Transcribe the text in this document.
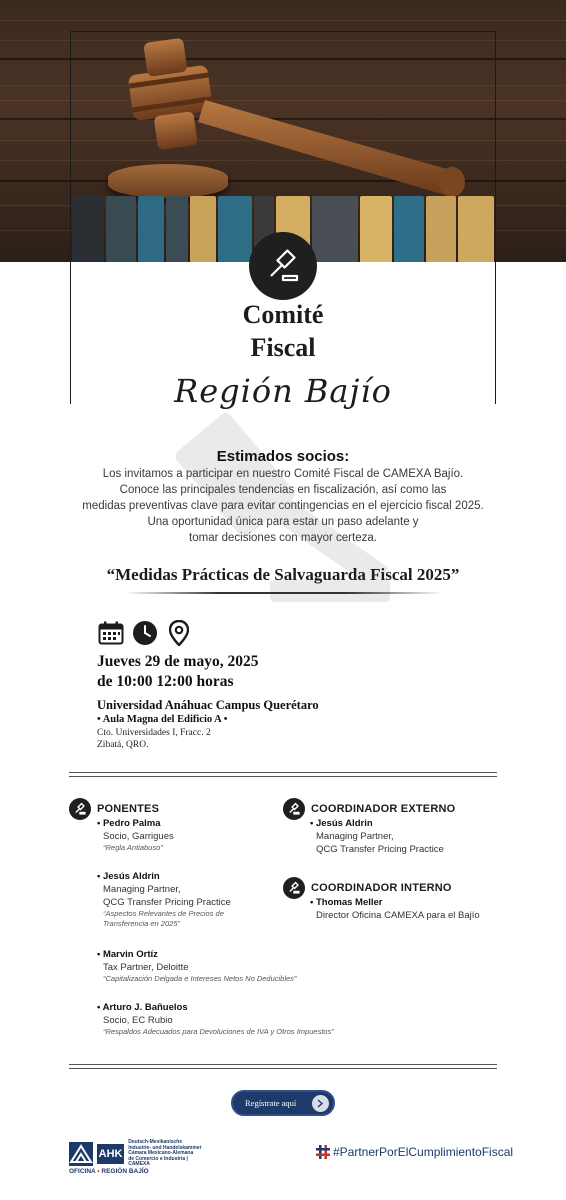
Comité
Fiscal
Región Bajío
Estimados socios:
Los invitamos a participar en nuestro Comité Fiscal de CAMEXA Bajío.
Conoce las principales tendencias en fiscalización, así como las
medidas preventivas clave para evitar contingencias en el ejercicio fiscal 2025.
Una oportunidad única para estar un paso adelante y
tomar decisiones con mayor certeza.
“Medidas Prácticas de Salvaguarda Fiscal 2025”
Jueves 29 de mayo, 2025
de 10:00 12:00 horas
Universidad Anáhuac Campus Querétaro
• Aula Magna del Edificio A •
Cto. Universidades I, Fracc. 2
Zibatá, QRO.
PONENTES
• Pedro Palma
Socio, Garrigues
“Regla Antiabuso”
• Jesús Aldrin
Managing Partner,
QCG Transfer Pricing Practice
“Aspectos Relevantes de Precios de
Transferencia en 2025”
• Marvin Ortíz
Tax Partner, Deloitte
“Capitalización Delgada e Intereses Netos No Deducibles”
• Arturo J. Bañuelos
Socio, EC Rubio
“Respaldos Adecuados para Devoluciones de IVA y Otros Impuestos”
COORDINADOR EXTERNO
• Jesús Aldrin
Managing Partner,
QCG Transfer Pricing Practice
COORDINADOR INTERNO
• Thomas Meller
Director Oficina CAMEXA para el Bajío
Regístrate aquí
AHK
Deutsch-Mexikanische
Industrie- und Handelskammer
Cámara Mexicano-Alemana
de Comercio e Industria | CAMEXA
OFICINA • REGIÓN BAJÍO
#PartnerPorElCumplimientoFiscal
